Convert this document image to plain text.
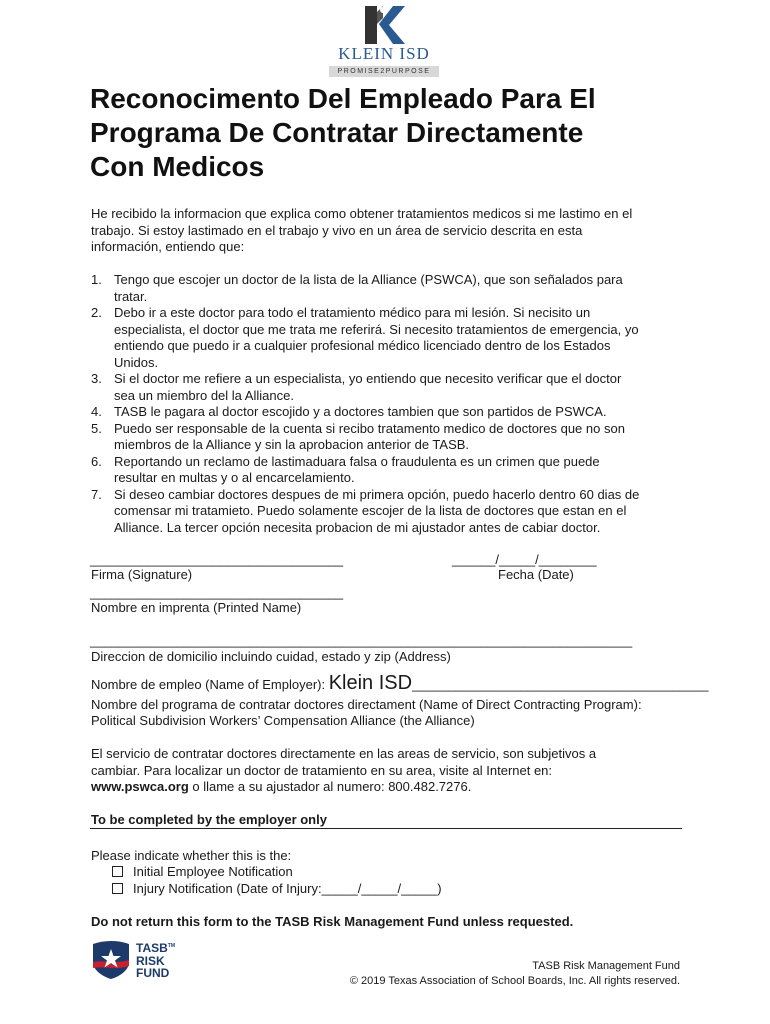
KLEIN ISD
PROMISE2PURPOSE
Reconocimento Del Empleado Para El
Programa De Contratar Directamente
Con Medicos
He recibido la informacion que explica como obtener tratamientos medicos si me lastimo en el
trabajo. Si estoy lastimado en el trabajo y vivo en un área de servicio descrita en esta
información, entiendo que:
1. Tengo que escojer un doctor de la lista de la Alliance (PSWCA), que son señalados para
tratar.
2. Debo ir a este doctor para todo el tratamiento médico para mi lesión. Si necisito un
especialista, el doctor que me trata me referirá. Si necesito tratamientos de emergencia, yo
entiendo que puedo ir a cualquier profesional médico licenciado dentro de los Estados
Unidos.
3. Si el doctor me refiere a un especialista, yo entiendo que necesito verificar que el doctor
sea un miembro del la Alliance.
4. TASB le pagara al doctor escojido y a doctores tambien que son partidos de PSWCA.
5. Puedo ser responsable de la cuenta si recibo tratamento medico de doctores que no son
miembros de la Alliance y sin la aprobacion anterior de TASB.
6. Reportando un reclamo de lastimaduara falsa o fraudulenta es un crimen que puede
resultar en multas y o al encarcelamiento.
7. Si deseo cambiar doctores despues de mi primera opción, puedo hacerlo dentro 60 dias de
comensar mi tratamieto. Puedo solamente escojer de la lista de doctores que estan en el
Alliance. La tercer opción necesita probacion de mi ajustador antes de cabiar doctor.
___________________________________	______/_____/________
Firma (Signature)	Fecha (Date)
___________________________________
Nombre en imprenta (Printed Name)
___________________________________________________________________________
Direccion de domicilio incluindo cuidad, estado y zip (Address)
Nombre de empleo (Name of Employer): Klein ISD_________________________________________
Nombre del programa de contratar doctores directament (Name of Direct Contracting Program):
Political Subdivision Workers’ Compensation Alliance (the Alliance)
El servicio de contratar doctores directamente en las areas de servicio, son subjetivos a
cambiar. Para localizar un doctor de tratamiento en su area, visite al Internet en:
www.pswca.org o llame a su ajustador al numero: 800.482.7276.
To be completed by the employer only
Please indicate whether this is the:
Initial Employee Notification
Injury Notification (Date of Injury:_____/_____/_____)
Do not return this form to the TASB Risk Management Fund unless requested.
TASB™
RISK
FUND	TASB Risk Management Fund
© 2019 Texas Association of School Boards, Inc. All rights reserved.
